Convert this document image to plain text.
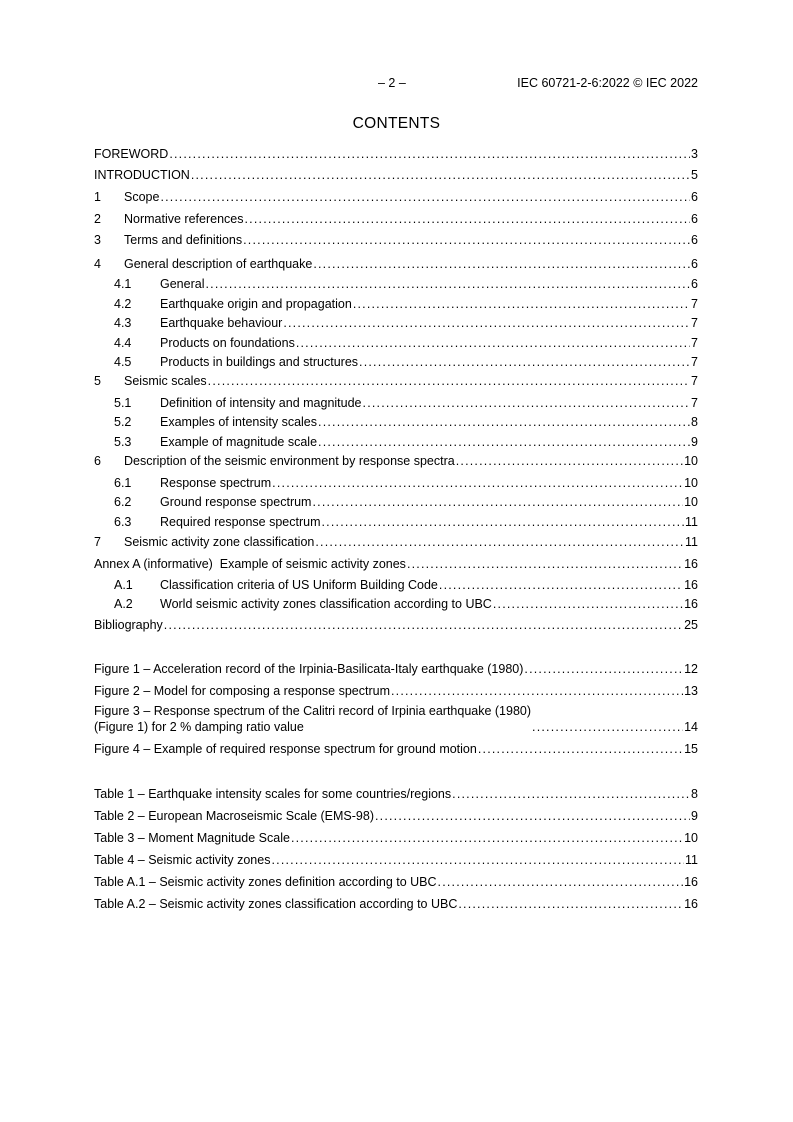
– 2 –	IEC 60721-2-6:2022 © IEC 2022
CONTENTS
FOREWORD .....	3
INTRODUCTION .....	5
1	Scope .....	6
2	Normative references .....	6
3	Terms and definitions .....	6
4	General description of earthquake .....	6
4.1	General .....	6
4.2	Earthquake origin and propagation .....	7
4.3	Earthquake behaviour .....	7
4.4	Products on foundations .....	7
4.5	Products in buildings and structures .....	7
5	Seismic scales .....	7
5.1	Definition of intensity and magnitude .....	7
5.2	Examples of intensity scales .....	8
5.3	Example of magnitude scale .....	9
6	Description of the seismic environment by response spectra .....	10
6.1	Response spectrum .....	10
6.2	Ground response spectrum .....	10
6.3	Required response spectrum .....	11
7	Seismic activity zone classification .....	11
Annex A (informative)  Example of seismic activity zones .....	16
A.1	Classification criteria of US Uniform Building Code .....	16
A.2	World seismic activity zones classification according to UBC .....	16
Bibliography .....	25
Figure 1 – Acceleration record of the Irpinia-Basilicata-Italy earthquake (1980) .....	12
Figure 2 – Model for composing a response spectrum .....	13
Figure 3 – Response spectrum of the Calitri record of Irpinia earthquake (1980)
(Figure 1) for 2 % damping ratio value .....	14
Figure 4 – Example of required response spectrum for ground motion .....	15
Table 1 – Earthquake intensity scales for some countries/regions .....	8
Table 2 – European Macroseismic Scale (EMS-98) .....	9
Table 3 – Moment Magnitude Scale .....	10
Table 4 – Seismic activity zones .....	11
Table A.1 – Seismic activity zones definition according to UBC .....	16
Table A.2 – Seismic activity zones classification according to UBC .....	16
